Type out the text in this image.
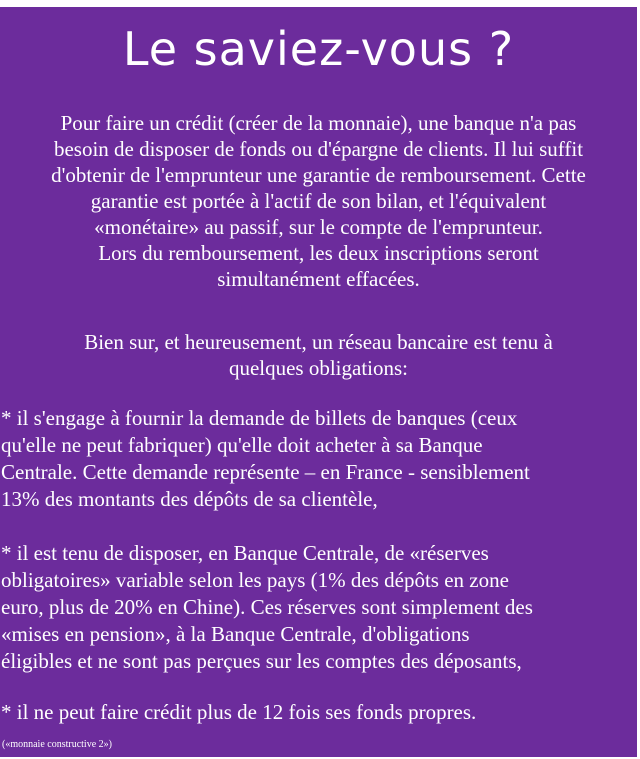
Le saviez-vous ?

Pour faire un crédit (créer de la monnaie), une banque n'a pas
besoin de disposer de fonds ou d'épargne de clients. Il lui suffit
d'obtenir de l'emprunteur une garantie de remboursement. Cette
garantie est portée à l'actif de son bilan, et l'équivalent
«monétaire» au passif, sur le compte de l'emprunteur.
Lors du remboursement, les deux inscriptions seront
simultanément effacées.

Bien sur, et heureusement, un réseau bancaire est tenu à
quelques obligations:

* il s'engage à fournir la demande de billets de banques (ceux
qu'elle ne peut fabriquer) qu'elle doit acheter à sa Banque
Centrale. Cette demande représente – en France - sensiblement
13% des montants des dépôts de sa clientèle,

* il est tenu de disposer, en Banque Centrale, de «réserves
obligatoires» variable selon les pays (1% des dépôts en zone
euro, plus de 20% en Chine). Ces réserves sont simplement des
«mises en pension», à la Banque Centrale, d'obligations
éligibles et ne sont pas perçues sur les comptes des déposants,

* il ne peut faire crédit plus de 12 fois ses fonds propres.

(«monnaie constructive 2»)
